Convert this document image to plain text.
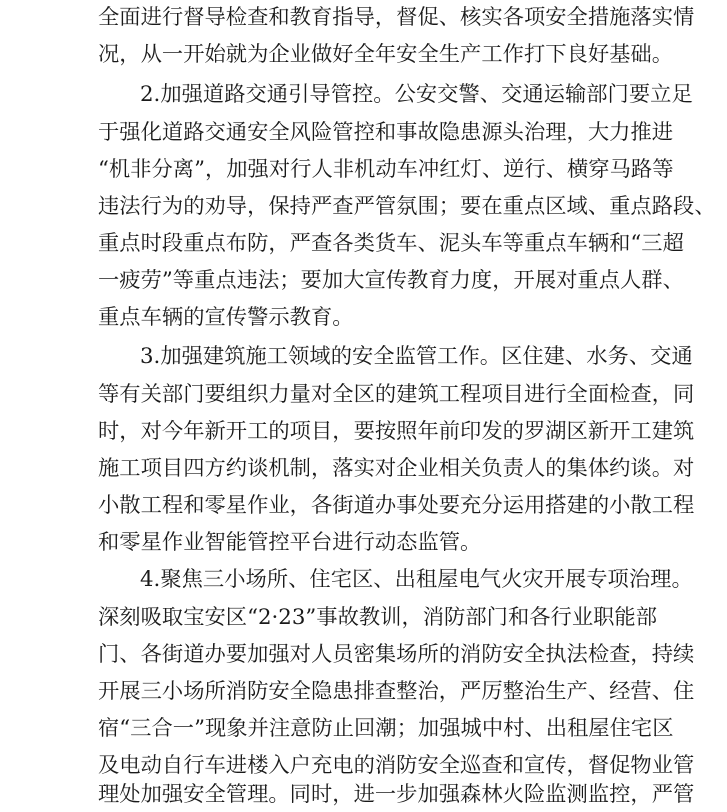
全面进行督导检查和教育指导，督促、核实各项安全措施落实情
况，从一开始就为企业做好全年安全生产工作打下良好基础。
2.加强道路交通引导管控。公安交警、交通运输部门要立足
于强化道路交通安全风险管控和事故隐患源头治理，大力推进
“机非分离”，加强对行人非机动车冲红灯、逆行、横穿马路等
违法行为的劝导，保持严查严管氛围；要在重点区域、重点路段、
重点时段重点布防，严查各类货车、泥头车等重点车辆和“三超
一疲劳”等重点违法；要加大宣传教育力度，开展对重点人群、
重点车辆的宣传警示教育。
3.加强建筑施工领域的安全监管工作。区住建、水务、交通
等有关部门要组织力量对全区的建筑工程项目进行全面检查，同
时，对今年新开工的项目，要按照年前印发的罗湖区新开工建筑
施工项目四方约谈机制，落实对企业相关负责人的集体约谈。对
小散工程和零星作业，各街道办事处要充分运用搭建的小散工程
和零星作业智能管控平台进行动态监管。
4.聚焦三小场所、住宅区、出租屋电气火灾开展专项治理。
深刻吸取宝安区“2·23”事故教训，消防部门和各行业职能部
门、各街道办要加强对人员密集场所的消防安全执法检查，持续
开展三小场所消防安全隐患排查整治，严厉整治生产、经营、住
宿“三合一”现象并注意防止回潮；加强城中村、出租屋住宅区
及电动自行车进楼入户充电的消防安全巡查和宣传，督促物业管
理处加强安全管理。同时，进一步加强森林火险监测监控，严管
